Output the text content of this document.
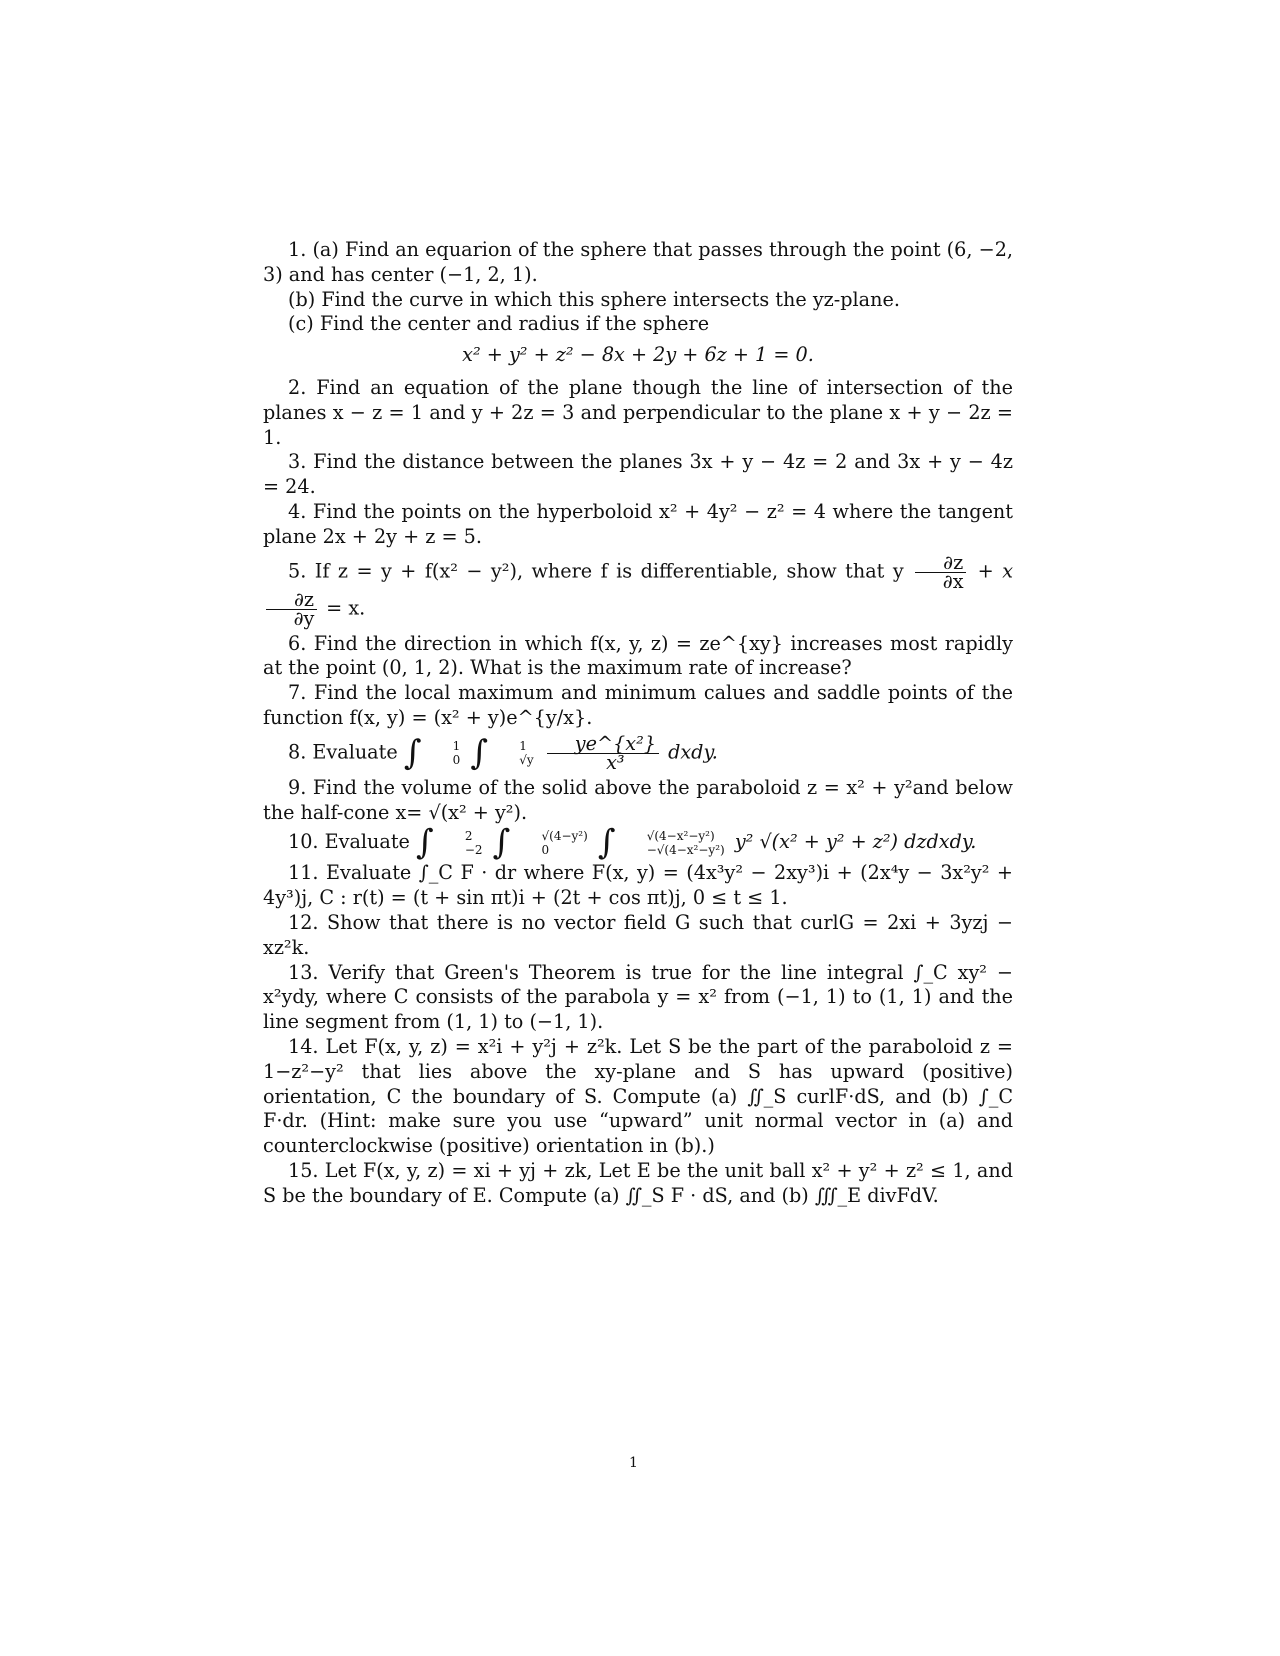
1. (a) Find an equarion of the sphere that passes through the point (6, −2, 3) and has center (−1, 2, 1).

(b) Find the curve in which this sphere intersects the yz-plane.

(c) Find the center and radius if the sphere

x² + y² + z² − 8x + 2y + 6z + 1 = 0.

2. Find an equation of the plane though the line of intersection of the planes x − z = 1 and y + 2z = 3 and perpendicular to the plane x + y − 2z = 1.

3. Find the distance between the planes 3x + y − 4z = 2 and 3x + y − 4z = 24.

4. Find the points on the hyperboloid x² + 4y² − z² = 4 where the tangent plane 2x + 2y + z = 5.

5. If z = y + f(x² − y²), where f is differentiable, show that y $\frac{\partial z}{\partial x} + x$
$\frac{\partial z}{\partial y} = x$.

6. Find the direction in which f(x, y, z) = ze^{xy} increases most rapidly at the point (0, 1, 2). What is the maximum rate of increase?

7. Find the local maximum and minimum calues and saddle points of the function f(x, y) = (x² + y)e^{y/x}.

8. Evaluate ∫	1
0 ∫	1
√y
$\frac{\text{ye\textasciicircum{}\{x²\}}}{\text{x³}}$ dxdy.

9. Find the volume of the solid above the paraboloid z = x² + y²and below the half-cone x= √(x² + y²).

10. Evaluate ∫	2
−2 ∫	√(4−y²)
0	∫	√(4−x²−y²)
−√(4−x²−y²) y² √(x² + y² + z²) dzdxdy.

11. Evaluate ∫_C F · dr where F(x, y) = (4x³y² − 2xy³)i + (2x⁴y − 3x²y² + 4y³)j, C : r(t) = (t + sin πt)i + (2t + cos πt)j, 0 ≤ t ≤ 1.

12. Show that there is no vector field G such that curlG = 2xi + 3yzj − xz²k.

13. Verify that Green's Theorem is true for the line integral ∫_C xy² − x²ydy, where C consists of the parabola y = x² from (−1, 1) to (1, 1) and the line segment from (1, 1) to (−1, 1).

14. Let F(x, y, z) = x²i + y²j + z²k. Let S be the part of the paraboloid z = 1−z²−y² that lies above the xy-plane and S has upward (positive) orientation, C the boundary of S. Compute (a) ∬_S curlF·dS, and (b) ∫_C F·dr. (Hint: make sure you use “upward” unit normal vector in (a) and counterclockwise (positive) orientation in (b).)

15. Let F(x, y, z) = xi + yj + zk, Let E be the unit ball x² + y² + z² ≤ 1, and S be the boundary of E. Compute (a) ∬_S F · dS, and (b) ∭_E divFdV.

1
